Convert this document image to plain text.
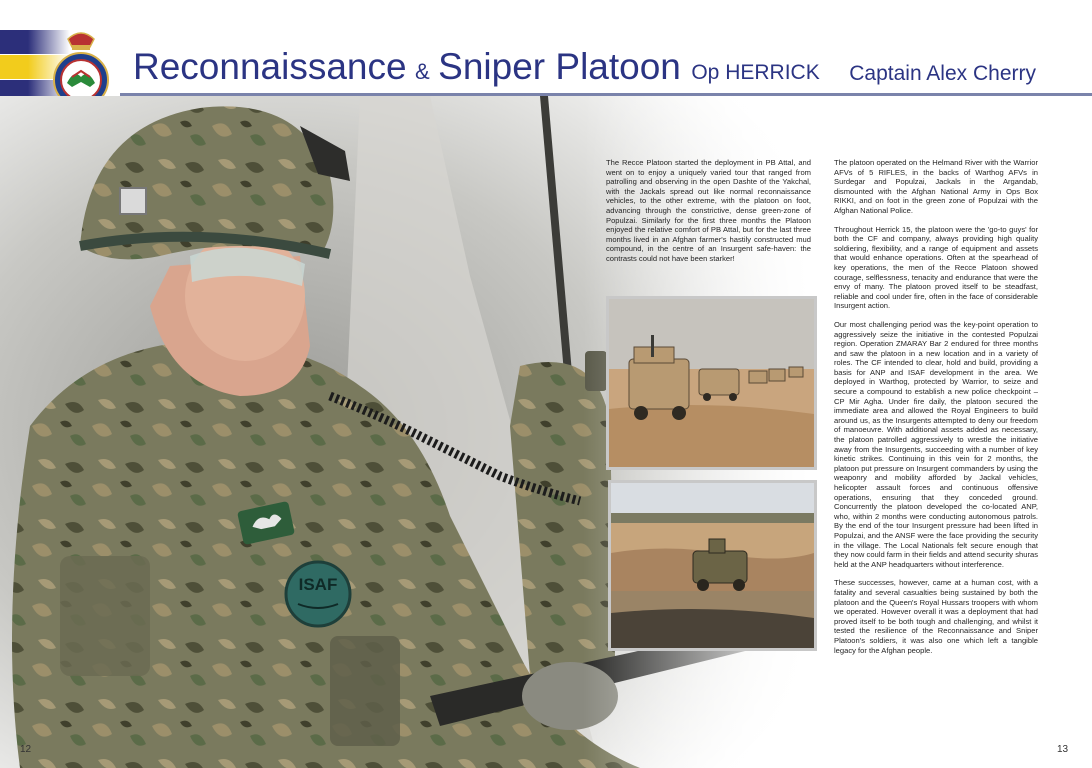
Reconnaissance & Sniper Platoon Op HERRICK Captain Alex Cherry

The Recce Platoon started the deployment in PB Attal, and went on to enjoy a uniquely varied tour that ranged from patrolling and observing in the open Dashte of the Yakchal, with the Jackals spread out like normal reconnaissance vehicles, to the other extreme, with the platoon on foot, advancing through the constrictive, dense green-zone of Populzai. Similarly for the first three months the Platoon enjoyed the relative comfort of PB Attal, but for the last three months lived in an Afghan farmer's hastily constructed mud compound, in the centre of an Insurgent safe-haven: the contrasts could not have been starker!

The platoon operated on the Helmand River with the Warrior AFVs of 5 RIFLES, in the backs of Warthog AFVs in Surdegar and Populzai, Jackals in the Argandab, dismounted with the Afghan National Army in Ops Box RIKKI, and on foot in the green zone of Populzai with the Afghan National Police.

Throughout Herrick 15, the platoon were the 'go-to guys' for both the CF and company, always providing high quality soldiering, flexibility, and a range of equipment and assets that would enhance operations. Often at the spearhead of key operations, the men of the Recce Platoon showed courage, selflessness, tenacity and endurance that were the envy of many. The platoon proved itself to be steadfast, reliable and cool under fire, often in the face of considerable Insurgent action.

Our most challenging period was the key-point operation to aggressively seize the initiative in the contested Populzai region. Operation ZMARAY Bar 2 endured for three months and saw the platoon in a new location and in a variety of roles. The CF intended to clear, hold and build, providing a basis for ANP and ISAF development in the area. We deployed in Warthog, protected by Warrior, to seize and secure a compound to establish a new police checkpoint – CP Mir Agha. Under fire daily, the platoon secured the immediate area and allowed the Royal Engineers to build around us, as the Insurgents attempted to deny our freedom of manoeuvre. With additional assets added as necessary, the platoon patrolled aggressively to wrestle the initiative away from the Insurgents, succeeding with a number of key kinetic strikes. Continuing in this vein for 2 months, the platoon put pressure on Insurgent commanders by using the weaponry and mobility afforded by Jackal vehicles, helicopter assault forces and continuous offensive operations, ensuring that they conceded ground. Concurrently the platoon developed the co-located ANP, who, within 2 months were conducting autonomous patrols. By the end of the tour Insurgent pressure had been lifted in Populzai, and the ANSF were the face providing the security in the village. The Local Nationals felt secure enough that they now could farm in their fields and attend security shuras held at the ANP headquarters without interference.

These successes, however, came at a human cost, with a fatality and several casualties being sustained by both the platoon and the Queen's Royal Hussars troopers with whom we operated. However overall it was a deployment that had proved itself to be both tough and challenging, and whilst it tested the resilience of the Reconnaissance and Sniper Platoon's soldiers, it was also one which left a tangible legacy for the Afghan people.

12	13
